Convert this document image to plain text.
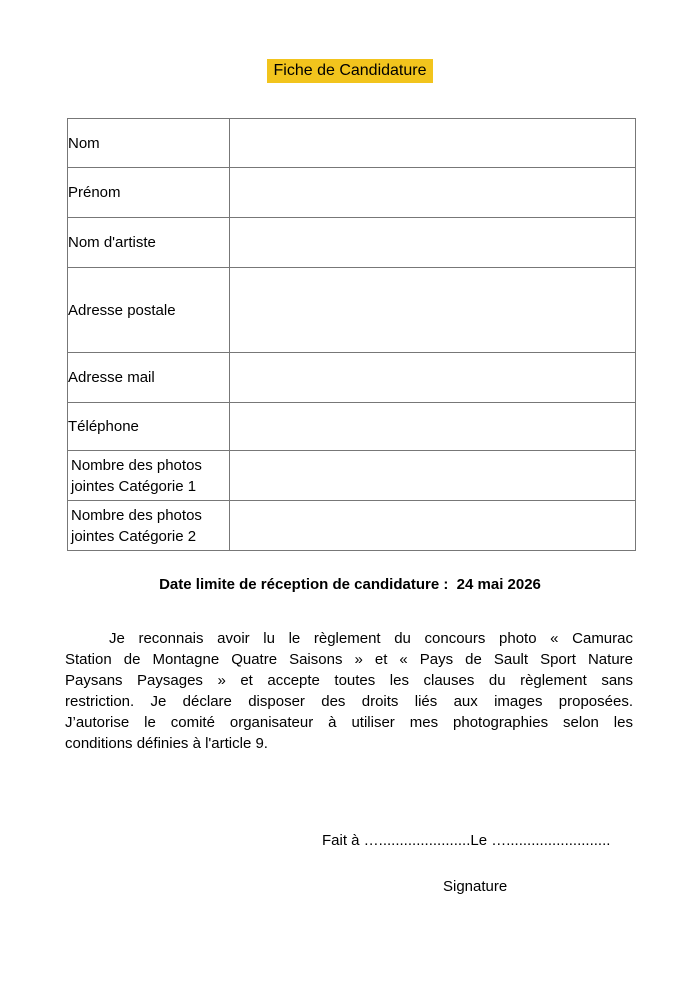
Fiche de Candidature
Nom	
Prénom	
Nom d'artiste	
Adresse postale	
Adresse mail	
Téléphone	
Nombre des photos jointes Catégorie 1	
Nombre des photos jointes Catégorie 2	
Date limite de réception de candidature :  24 mai 2026
Je reconnais avoir lu le règlement du concours photo « Camurac
Station de Montagne Quatre Saisons » et « Pays de Sault Sport Nature
Paysans Paysages » et accepte toutes les clauses du règlement sans
restriction. Je déclare disposer des droits liés aux images proposées.
J’autorise le comité organisateur à utiliser mes photographies selon les
conditions définies à l'article 9.
Fait à …......................Le ….........................
Signature
